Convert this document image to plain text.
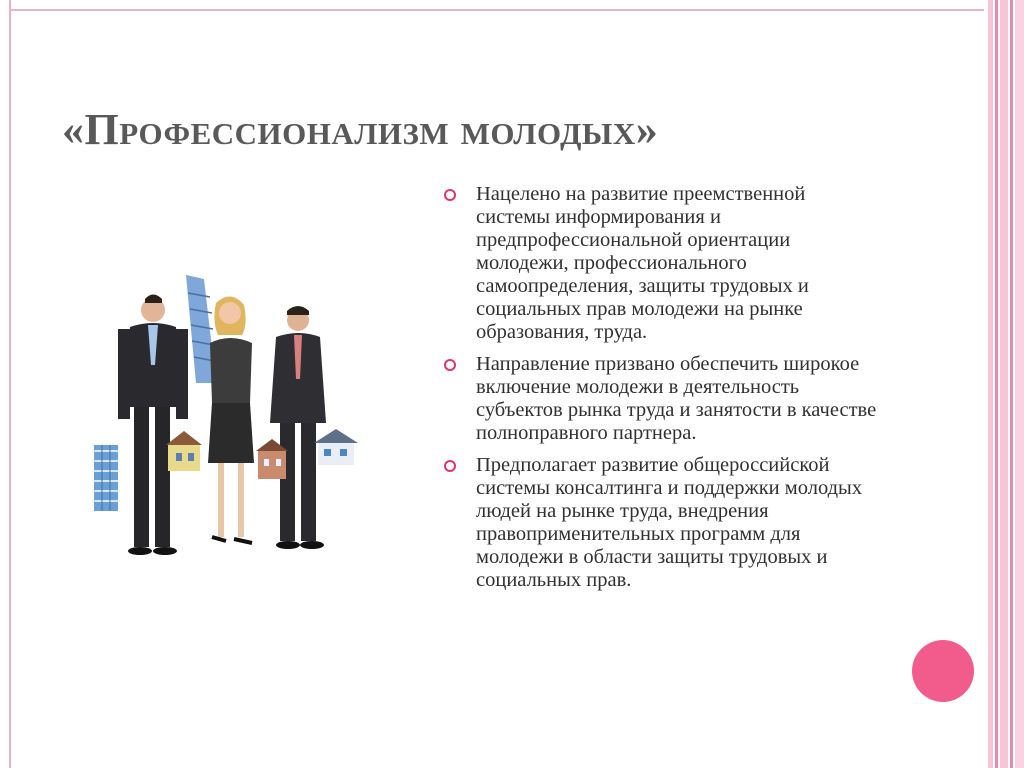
«Профессионализм молодых»
Нацелено на развитие преемственной системы информирования и предпрофессиональной ориентации молодежи, профессионального самоопределения, защиты трудовых и социальных прав молодежи на рынке образования, труда.
Направление призвано обеспечить широкое включение молодежи в деятельность субъектов рынка труда и занятости в качестве полноправного партнера.
Предполагает развитие общероссийской системы консалтинга и поддержки молодых людей на рынке труда, внедрения правоприменительных программ для молодежи в области защиты трудовых и социальных прав.
